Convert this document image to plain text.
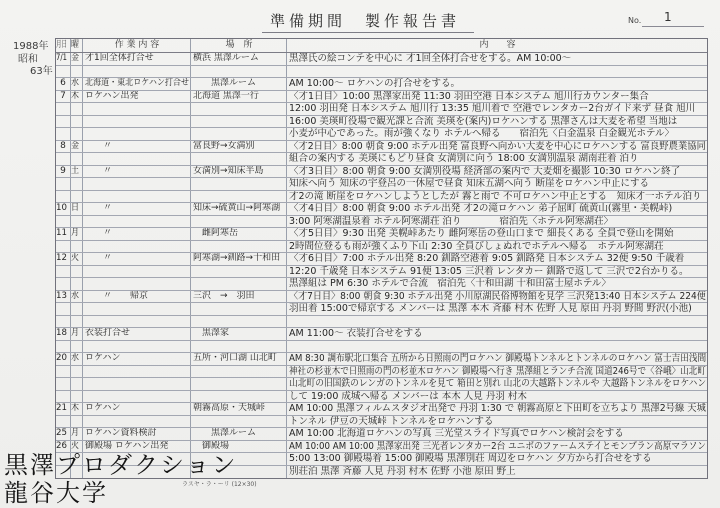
準備期間　製作報告書	No. 1
1988年
昭和
63年
月日 曜	作 業 内 容	場　所	内　　容
7/1 金 才1回全体打合せ	横浜 黒澤ルーム	黒澤氏の絵コンテを中心に 才1回全体打合せをする。AM 10:00〜
6 水 北海道・東北ロケハン打合せ 　　黒澤ルーム	AM 10:00〜 ロケハンの打合せをする。
7 木 ロケハン出発	北海道 黒澤一行	〈才1日目〉10:00 黒澤家出発 11:30 羽田空港 日本システム 旭川行カウンター集合
12:00 羽田発 日本システム 旭川行 13:35 旭川着で 空港でレンタカー2台ガイド来ず 昼食 旭川
16:00 美瑛町役場で観光課と合流 美瑛を(案内)ロケハンする 黒澤さんは大麦を希望 当地は
小麦が中心であった。雨が強くなり ホテルへ帰る　　宿泊先〈白金温泉 白金観光ホテル〉
8 金 　　〃	富良野→女満別	〈才2日目〉8:00 朝食 9:00 ホテル出発 富良野へ向かい大麦を中心にロケハンする 富良野農業協同
組合の案内する 美瑛にもどり昼食 女満別に向う 18:00 女満別温泉 湖南荘着 泊り
9 土 　　〃	女満別→知床半島	〈才3日目〉8:00 朝食 9:00 女満別役場 経済部の案内で 大麦畑を撮影 10:30 ロケハン終了
知床へ向う 知床の宇登呂の一休屋で昼食 知床五湖へ向う 断崖をロケハン中止にする
才2の滝 断崖をロケハンしようとしたが 霧と雨で 不可ロケハン中止とする　知床才一ホテル泊り
10 日 　　〃	知床→硫黄山→阿寒湖 〈才4日目〉8:00 朝食 9:00 ホテル出発 才2の滝ロケハン 弟子屈町 硫黄山(霧里・美幌峠)
3:00 阿寒湖温泉着 ホテル阿寒湖荘 泊り　　　　宿泊先〈ホテル阿寒湖荘〉
11 月 　　〃	　雌阿寒岳	〈才5日目〉9:30 出発 美幌峠あたり 雌阿寒岳の登山口まで 細長くある 全員で登山を開始
2時間位登るも雨が強くふり下山 2:30 全員びしょぬれでホテルへ帰る　ホテル阿寒湖荘
12 火 　　〃	阿寒湖→釧路→十和田 〈才6日目〉7:00 ホテル出発 8:20 釧路空港着 9:05 釧路発 日本システム 32便 9:50 千歳着
12:20 千歳発 日本システム 91便 13:05 三沢着 レンタカー 釧路で返して 三沢で2台かりる。
黒澤組は PM 6:30 ホテルで合流　宿泊先〈十和田湖 十和田富士屋ホテル〉
13 水 　　〃　　帰京	三沢　→　羽田	〈才7日目〉8:00 朝食 9:30 ホテル出発 小川原湖民俗博物館を見学 三沢発13:40 日本システム 224便
羽田着 15:00で帰京する メンバーは 黒澤 本木 斉藤 村木 佐野 人見 原田 丹羽 野間 野沢(小池)
18 月 衣装打合せ	　黒澤家	AM 11:00〜 衣装打合せをする
20 水 ロケハン	五所・河口湖 山北町	AM 8:30 調布駅北口集合 五所から日照雨の門ロケハン 御殿場トンネルとトンネルのロケハン 富士吉田浅間
神社の杉並木で日照雨の門の杉並木ロケハン 御殿場へ行き 黒澤組とランチ合流 国道246号で〈谷峨〉山北町
山北町の旧国鉄のレンガのトンネルを見て 箱田と別れ 山北の大越路トンネルや 大越路トンネルをロケハン
して 19:00 成城へ帰る メンバーは 本木 人見 丹羽 村木
21 木 ロケハン	朝霧高原・天城峠	AM 10:00 黒澤フィルムスタジオ出発で 丹羽 1:30 で 朝霧高原と下田町を立ちより 黒澤2号線 天城
トンネル 伊豆の天城峠 トンネルをロケハンする
25 月 ロケハン資料検討	　　黒澤ルーム	AM 10:00 北海道ロケハンの写真 三光堂スライド写真でロケハン検討会をする
26 火 御殿場 ロケハン出発	　御殿場	AM 10:00 AM 10:00 黒澤家出発 三光者レンタカー2台 ユニボのファームステイとモンブラン高原マラソン
5:00 13:00 御殿場着 15:00 御殿場 黒澤別荘 周辺をロケハン 夕方から打合せをする
別荘泊 黒澤 斉藤 人見 丹羽 村木 佐野 小池 原田 野上
ラスヤ・ラ・ーリ (12×30)
黒澤プロダクション
龍谷大学
